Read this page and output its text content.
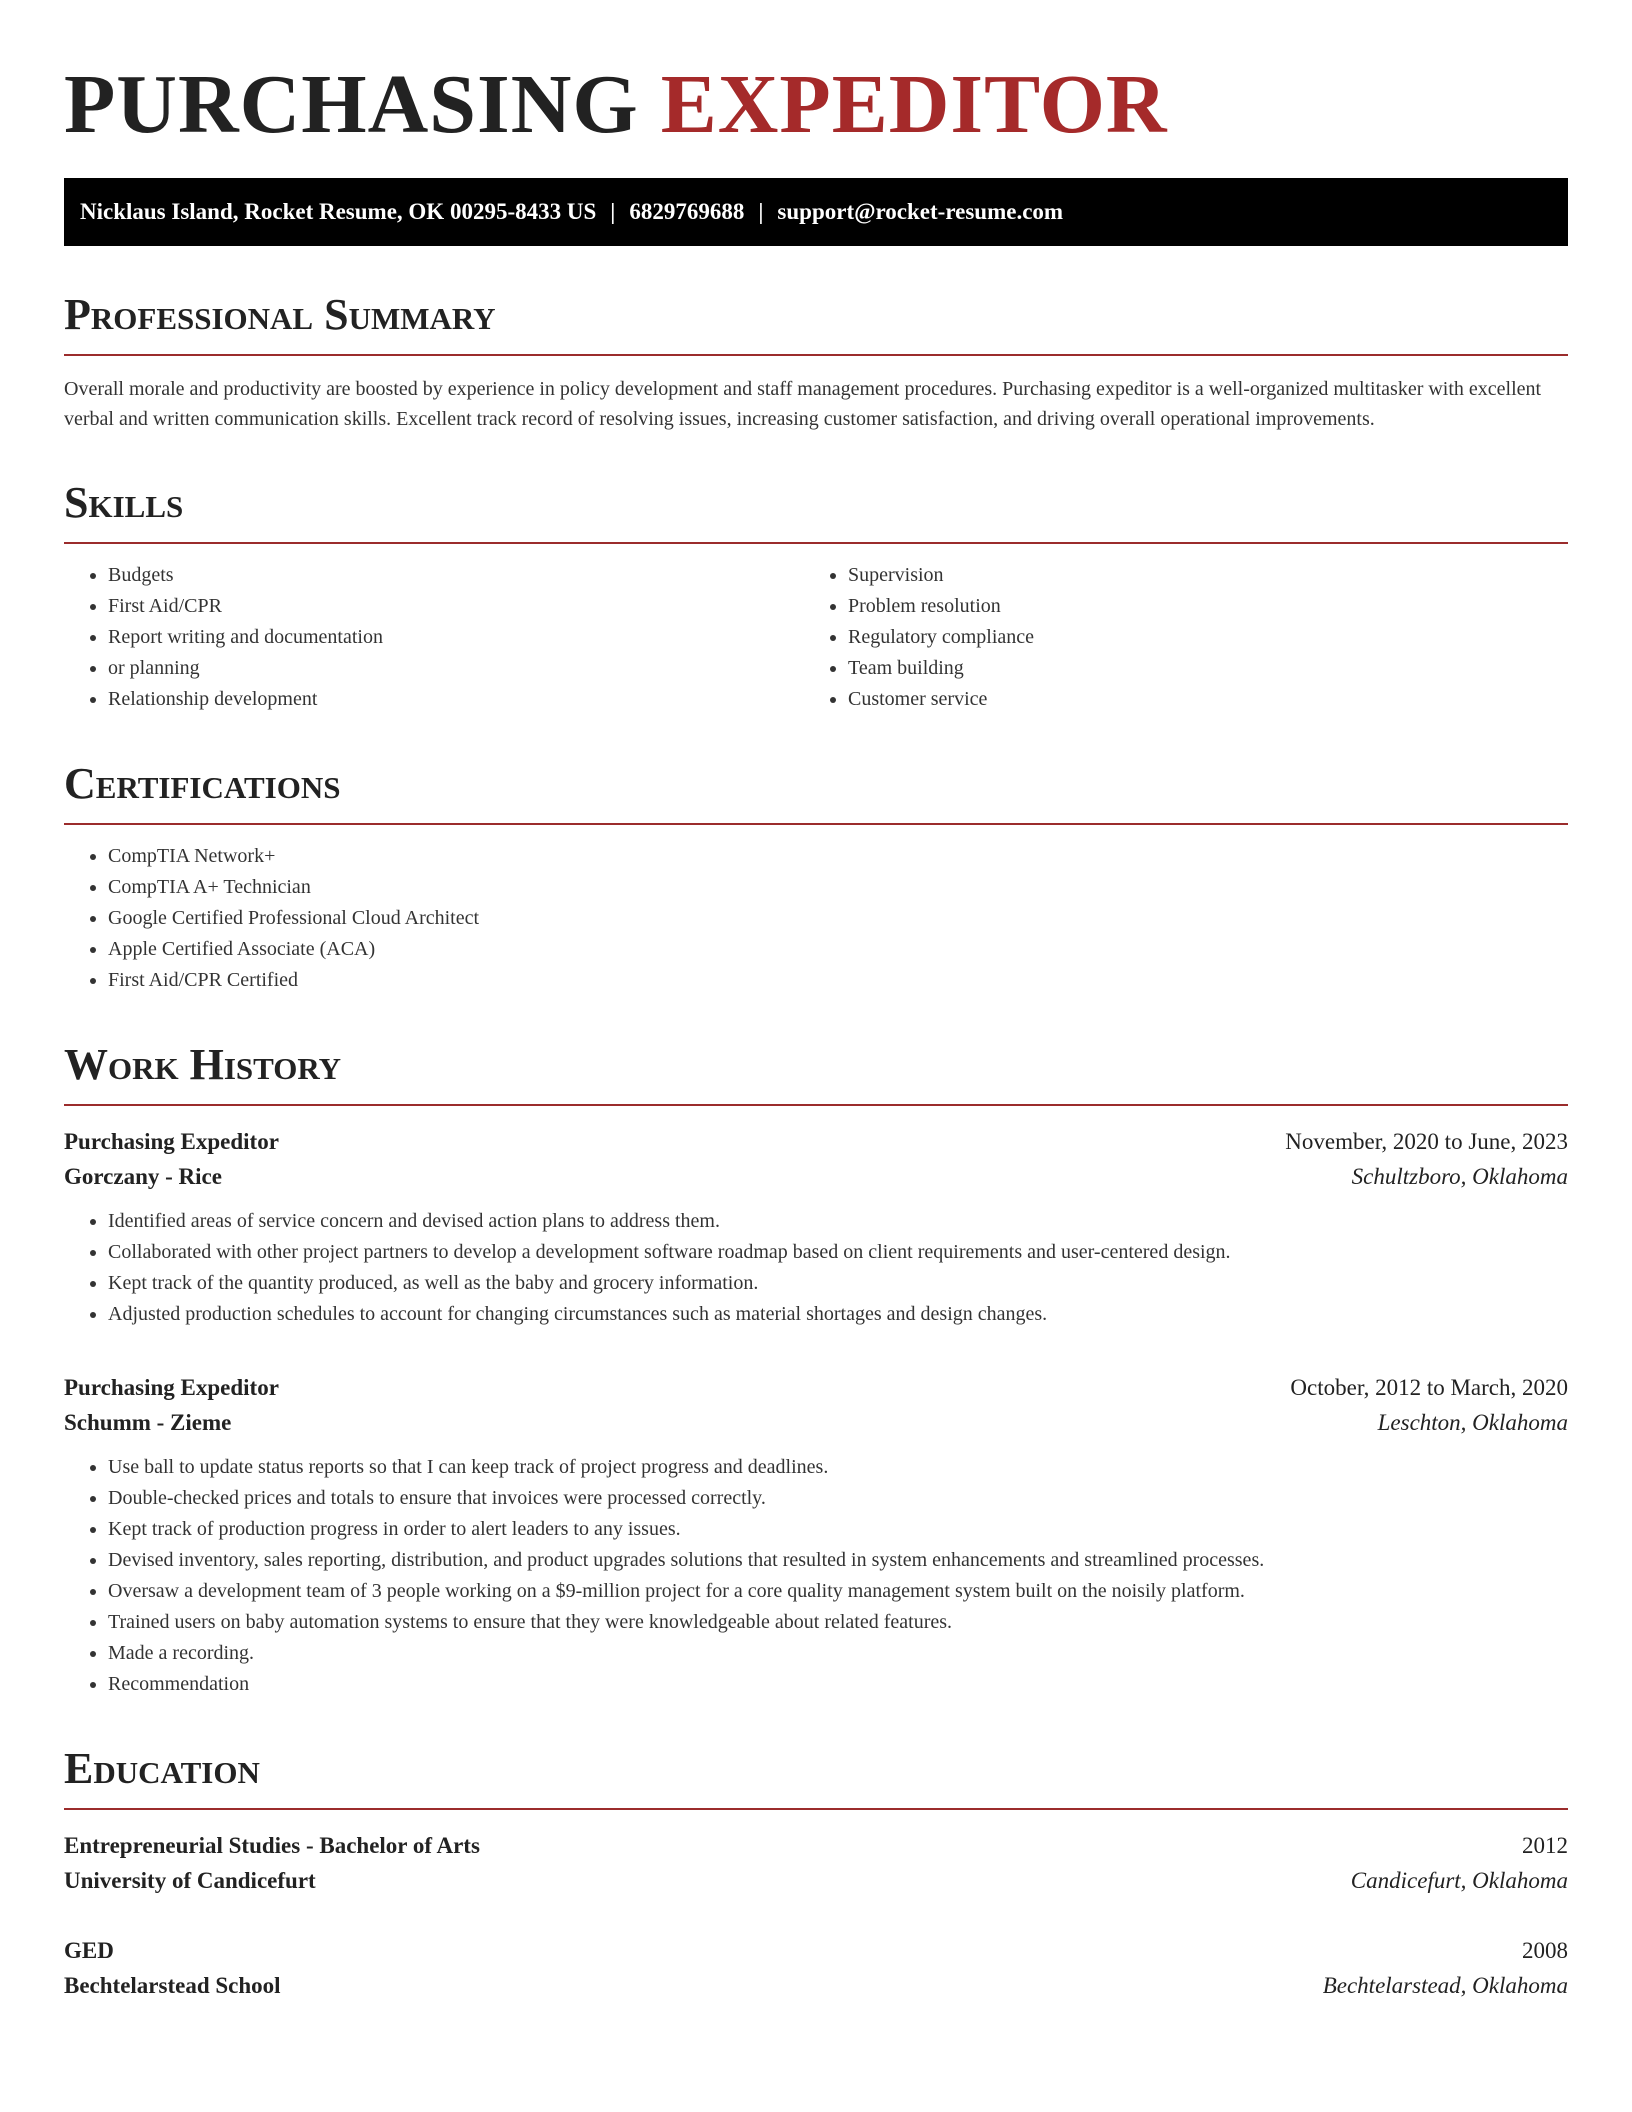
PURCHASING EXPEDITOR
Nicklaus Island, Rocket Resume, OK 00295-8433 US | 6829769688 | support@rocket-resume.com
Professional Summary

Overall morale and productivity are boosted by experience in policy development and staff management procedures. Purchasing expeditor is a well-organized multitasker with excellent verbal and written communication skills. Excellent track record of resolving issues, increasing customer satisfaction, and driving overall operational improvements.

Skills
• Budgets
• First Aid/CPR
• Report writing and documentation
• or planning
• Relationship development
• Supervision
• Problem resolution
• Regulatory compliance
• Team building
• Customer service
Certifications
• CompTIA Network+
• CompTIA A+ Technician
• Google Certified Professional Cloud Architect
• Apple Certified Associate (ACA)
• First Aid/CPR Certified
Work History
Purchasing Expeditor	November, 2020 to June, 2023
Gorczany - Rice	Schultzboro, Oklahoma
• Identified areas of service concern and devised action plans to address them.
• Collaborated with other project partners to develop a development software roadmap based on client requirements and user-centered design.
• Kept track of the quantity produced, as well as the baby and grocery information.
• Adjusted production schedules to account for changing circumstances such as material shortages and design changes.
Purchasing Expeditor	October, 2012 to March, 2020
Schumm - Zieme	Leschton, Oklahoma
• Use ball to update status reports so that I can keep track of project progress and deadlines.
• Double-checked prices and totals to ensure that invoices were processed correctly.
• Kept track of production progress in order to alert leaders to any issues.
• Devised inventory, sales reporting, distribution, and product upgrades solutions that resulted in system enhancements and streamlined processes.
• Oversaw a development team of 3 people working on a $9-million project for a core quality management system built on the noisily platform.
• Trained users on baby automation systems to ensure that they were knowledgeable about related features.
• Made a recording.
• Recommendation
Education
Entrepreneurial Studies - Bachelor of Arts	2012
University of Candicefurt	Candicefurt, Oklahoma
GED	2008
Bechtelarstead School	Bechtelarstead, Oklahoma
